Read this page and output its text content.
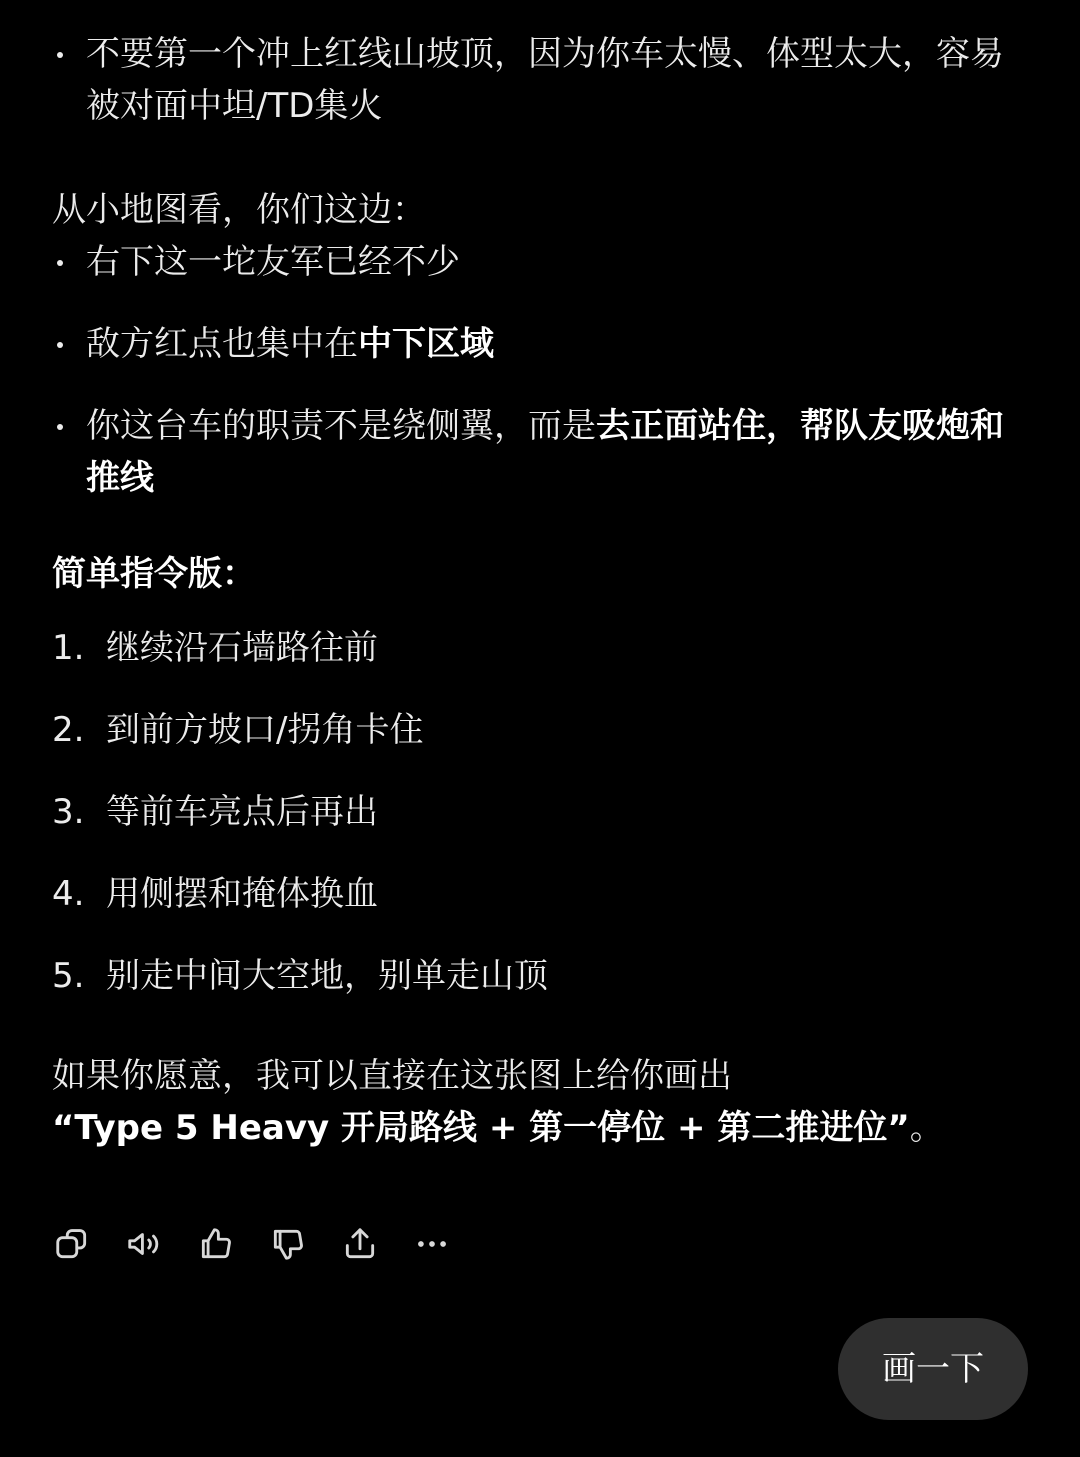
不要第一个冲上红线山坡顶，因为你车太慢、体型太大，容易被对面中坦/TD集火

从小地图看，你们这边：

右下这一坨友军已经不少
敌方红点也集中在中下区域
你这台车的职责不是绕侧翼，而是去正面站住，帮队友吸炮和推线

简单指令版：

1. 继续沿石墙路往前
2. 到前方坡口/拐角卡住
3. 等前车亮点后再出
4. 用侧摆和掩体换血
5. 别走中间大空地，别单走山顶

如果你愿意，我可以直接在这张图上给你画出
“Type 5 Heavy 开局路线 + 第一停位 + 第二推进位”。

画一下
